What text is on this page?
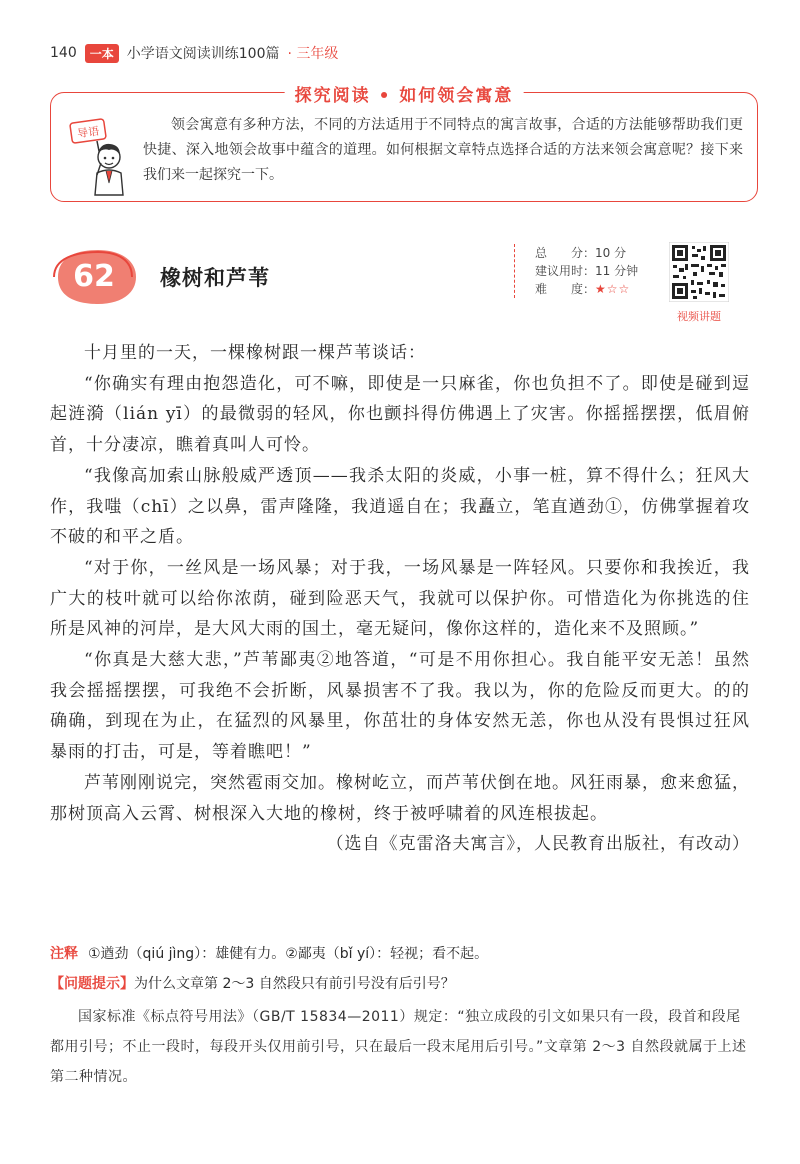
140	一本 小学语文阅读训练100篇 · 三年级
探究阅读 • 如何领会寓意
导语	领会寓意有多种方法，不同的方法适用于不同特点的寓言故事，合适的方法能够帮助我们更快捷、深入地领会故事中蕴含的道理。如何根据文章特点选择合适的方法来领会寓意呢？接下来我们来一起探究一下。
62	橡树和芦苇
总　　分：10 分
建议用时：11 分钟
难　　度：★☆☆
视频讲题

十月里的一天，一棵橡树跟一棵芦苇谈话：

“你确实有理由抱怨造化，可不嘛，即使是一只麻雀，你也负担不了。即使是碰到逗起涟漪（lián yī）的最微弱的轻风，你也颤抖得仿佛遇上了灾害。你摇摇摆摆，低眉俯首，十分凄凉，瞧着真叫人可怜。

“我像高加索山脉般威严透顶——我杀太阳的炎威，小事一桩，算不得什么；狂风大作，我嗤（chī）之以鼻，雷声隆隆，我逍遥自在；我矗立，笔直遒劲①，仿佛掌握着攻不破的和平之盾。

“对于你，一丝风是一场风暴；对于我，一场风暴是一阵轻风。只要你和我挨近，我广大的枝叶就可以给你浓荫，碰到险恶天气，我就可以保护你。可惜造化为你挑选的住所是风神的河岸，是大风大雨的国土，毫无疑问，像你这样的，造化来不及照顾。”

“你真是大慈大悲，”芦苇鄙夷②地答道，“可是不用你担心。我自能平安无恙！虽然我会摇摇摆摆，可我绝不会折断，风暴损害不了我。我以为，你的危险反而更大。的的确确，到现在为止，在猛烈的风暴里，你茁壮的身体安然无恙，你也从没有畏惧过狂风暴雨的打击，可是，等着瞧吧！”

芦苇刚刚说完，突然雹雨交加。橡树屹立，而芦苇伏倒在地。风狂雨暴，愈来愈猛，那树顶高入云霄、树根深入大地的橡树，终于被呼啸着的风连根拔起。

（选自《克雷洛夫寓言》，人民教育出版社，有改动）

注释 ①遒劲（qiú jìng）：雄健有力。②鄙夷（bǐ yí）：轻视；看不起。
【问题提示】为什么文章第 2～3 自然段只有前引号没有后引号？
国家标准《标点符号用法》（GB/T 15834—2011）规定：“独立成段的引文如果只有一段，段首和段尾都用引号；不止一段时，每段开头仅用前引号，只在最后一段末尾用后引号。”文章第 2～3 自然段就属于上述第二种情况。
